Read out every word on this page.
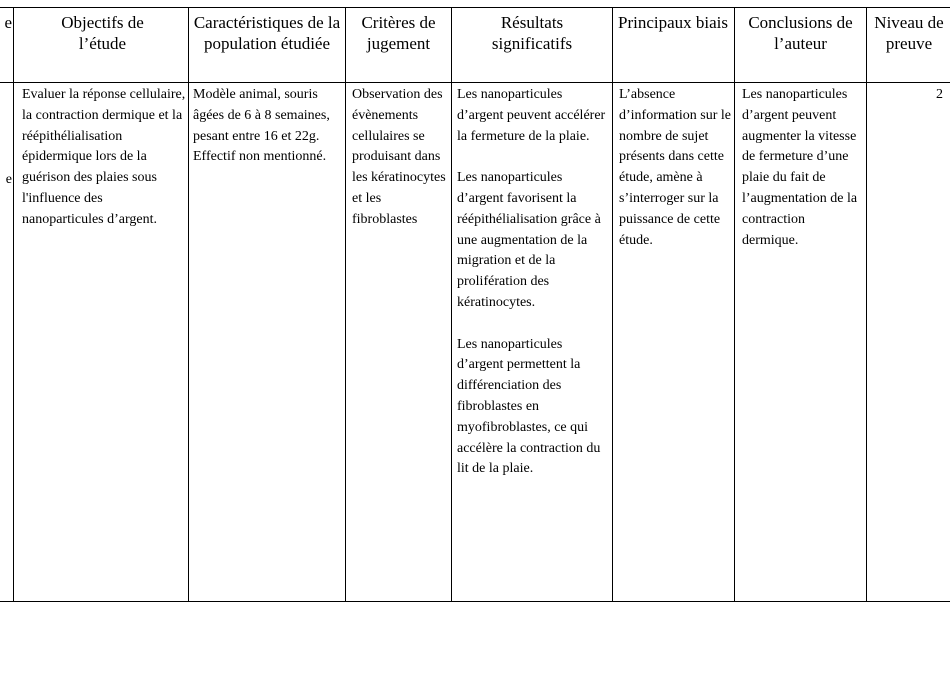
e	Objectifs de l’étude
Caractéristiques de la population étudiée
Critères de jugement
Résultats significatifs
Principaux biais	Conclusions de l’auteur
Niveau de preuve
e
Evaluer la réponse cellulaire, la contraction dermique et la réépithélialisation épidermique lors de la guérison des plaies sous l'influence des nanoparticules d’argent.
Modèle animal, souris âgées de 6 à 8 semaines, pesant entre 16 et 22g. Effectif non mentionné.
Observation des évènements cellulaires se produisant dans les kératinocytes et les fibroblastes

Les nanoparticules d’argent peuvent accélérer la fermeture de la plaie.

Les nanoparticules d’argent favorisent la réépithélialisation grâce à une augmentation de la migration et de la prolifération des kératinocytes.

Les nanoparticules d’argent permettent la différenciation des fibroblastes en myofibroblastes, ce qui accélère la contraction du lit de la plaie.

L’absence d’information sur le nombre de sujet présents dans cette étude, amène à s’interroger sur la puissance de cette étude.
Les nanoparticules d’argent peuvent augmenter la vitesse de fermeture d’une plaie du fait de l’augmentation de la contraction dermique.
2
